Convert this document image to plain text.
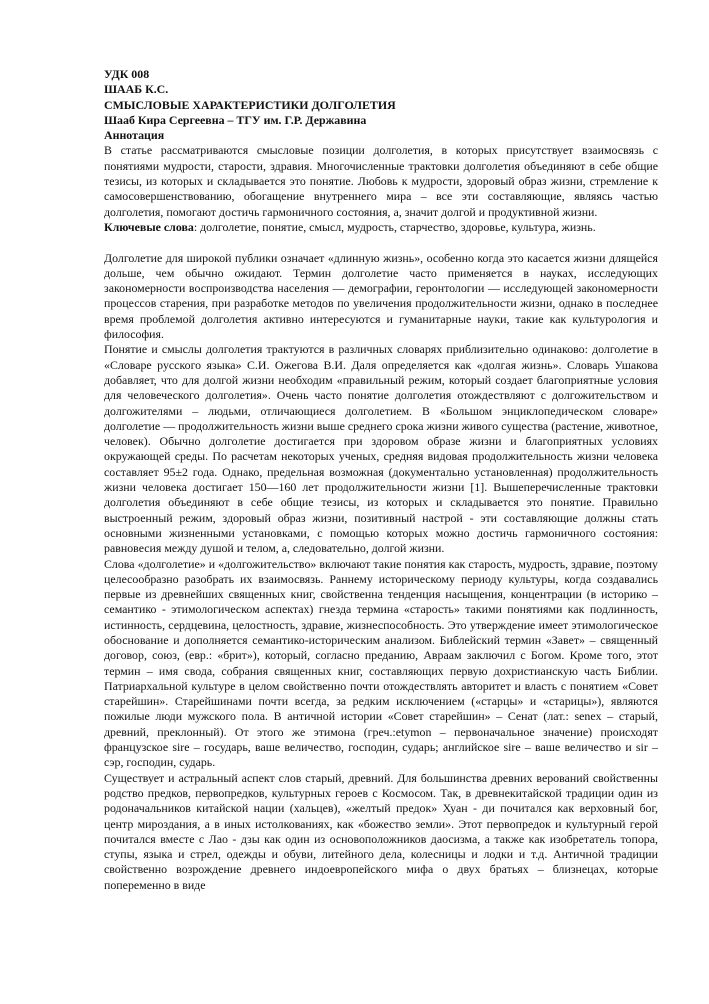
УДК 008

ШААБ К.С.

СМЫСЛОВЫЕ ХАРАКТЕРИСТИКИ ДОЛГОЛЕТИЯ

Шааб Кира Сергеевна – ТГУ им. Г.Р. Державина

Аннотация

В статье рассматриваются смысловые позиции долголетия, в которых присутствует взаимосвязь с понятиями мудрости, старости, здравия. Многочисленные трактовки долголетия объединяют в себе общие тезисы, из которых и складывается это понятие. Любовь к мудрости, здоровый образ жизни, стремление к самосовершенствованию, обогащение внутреннего мира – все эти составляющие, являясь частью долголетия, помогают достичь гармоничного состояния, а, значит долгой и продуктивной жизни.

Ключевые слова: долголетие, понятие, смысл, мудрость, старчество, здоровье, культура, жизнь.

Долголетие для широкой публики означает «длинную жизнь», особенно когда это касается жизни длящейся дольше, чем обычно ожидают. Термин долголетие часто применяется в науках, исследующих закономерности воспроизводства населения — демографии, геронтологии — исследующей закономерности процессов старения, при разработке методов по увеличения продолжительности жизни, однако в последнее время проблемой долголетия активно интересуются и гуманитарные науки, такие как культурология и философия.

Понятие и смыслы долголетия трактуются в различных словарях приблизительно одинаково: долголетие в «Словаре русского языка» С.И. Ожегова В.И. Даля определяется как «долгая жизнь». Словарь Ушакова добавляет, что для долгой жизни необходим «правильный режим, который создает благоприятные условия для человеческого долголетия». Очень часто понятие долголетия отождествляют с долгожительством и долгожителями – людьми, отличающиеся долголетием. В «Большом энциклопедическом словаре» долголетие — продолжительность жизни выше среднего срока жизни живого существа (растение, животное, человек). Обычно долголетие достигается при здоровом образе жизни и благоприятных условиях окружающей среды. По расчетам некоторых ученых, средняя видовая продолжительность жизни человека составляет 95±2 года. Однако, предельная возможная (документально установленная) продолжительность жизни человека достигает 150—160 лет продолжительности жизни [1]. Вышеперечисленные трактовки долголетия объединяют в себе общие тезисы, из которых и складывается это понятие. Правильно выстроенный режим, здоровый образ жизни, позитивный настрой - эти составляющие должны стать основными жизненными установками, с помощью которых можно достичь гармоничного состояния: равновесия между душой и телом, а, следовательно, долгой жизни.

Слова «долголетие» и «долгожительство» включают такие понятия как старость, мудрость, здравие, поэтому целесообразно разобрать их взаимосвязь. Раннему историческому периоду культуры, когда создавались первые из древнейших священных книг, свойственна тенденция насыщения, концентрации (в историко – семантико - этимологическом аспектах) гнезда термина «старость» такими понятиями как подлинность, истинность, сердцевина, целостность, здравие, жизнеспособность. Это утверждение имеет этимологическое обоснование и дополняется семантико-историческим анализом. Библейский термин «Завет» – священный договор, союз, (евр.: «брит»), который, согласно преданию, Авраам заключил с Богом. Кроме того, этот термин – имя свода, собрания священных книг, составляющих первую дохристианскую часть Библии. Патриархальной культуре в целом свойственно почти отождествлять авторитет и власть с понятием «Совет старейшин». Старейшинами почти всегда, за редким исключением («старцы» и «старицы»), являются пожилые люди мужского пола. В античной истории «Совет старейшин» – Сенат (лат.: senex – старый, древний, преклонный). От этого же этимона (греч.:etymon – первоначальное значение) происходят французское sire – государь, ваше величество, господин, сударь; английское sire – ваше величество и sir – сэр, господин, сударь.

Существует и астральный аспект слов старый, древний. Для большинства древних верований свойственны родство предков, первопредков, культурных героев с Космосом. Так, в древнекитайской традиции один из родоначальников китайской нации (хальцев), «желтый предок» Хуан - ди почитался как верховный бог, центр мироздания, а в иных истолкованиях, как «божество земли». Этот первопредок и культурный герой почитался вместе с Лао - дзы как один из основоположников даосизма, а также как изобретатель топора, ступы, языка и стрел, одежды и обуви, литейного дела, колесницы и лодки и т.д. Античной традиции свойственно возрождение древнего индоевропейского мифа о двух братьях – близнецах, которые попеременно в виде
